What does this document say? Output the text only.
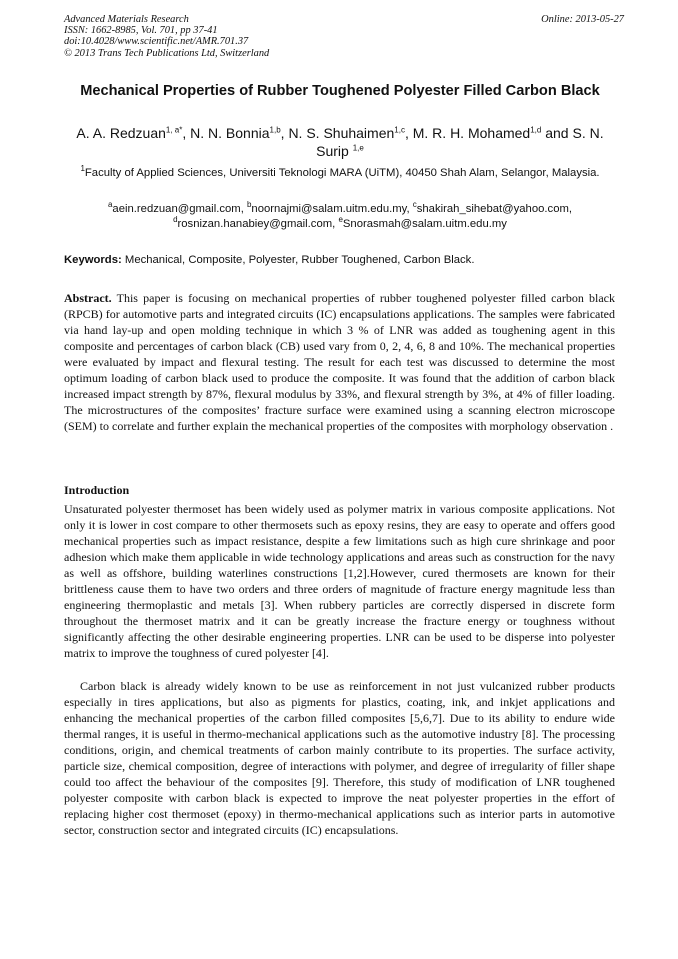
Advanced Materials Research
ISSN: 1662-8985, Vol. 701, pp 37-41
doi:10.4028/www.scientific.net/AMR.701.37
© 2013 Trans Tech Publications Ltd, Switzerland
Online: 2013-05-27
Mechanical Properties of Rubber Toughened Polyester Filled Carbon Black
A. A. Redzuan$^{1, a*}$, N. N. Bonnia$^{1,b}$, N. S. Shuhaimen$^{1,c}$, M. R. H. Mohamed$^{1,d}$ and S. N. Surip $^{1,e}$
$^1$Faculty of Applied Sciences, Universiti Teknologi MARA (UiTM), 40450 Shah Alam, Selangor, Malaysia.
$^a$aein.redzuan@gmail.com, $^b$noornajmi@salam.uitm.edu.my, $^c$shakirah_sihebat@yahoo.com, $^d$rosnizan.hanabiey@gmail.com, $^e$Snorasmah@salam.uitm.edu.my
Keywords: Mechanical, Composite, Polyester, Rubber Toughened, Carbon Black.
Abstract. This paper is focusing on mechanical properties of rubber toughened polyester filled carbon black (RPCB) for automotive parts and integrated circuits (IC) encapsulations applications. The samples were fabricated via hand lay-up and open molding technique in which 3 % of LNR was added as toughening agent in this composite and percentages of carbon black (CB) used vary from 0, 2, 4, 6, 8 and 10%. The mechanical properties were evaluated by impact and flexural testing. The result for each test was discussed to determine the most optimum loading of carbon black used to produce the composite. It was found that the addition of carbon black increased impact strength by 87%, flexural modulus by 33%, and flexural strength by 3%, at 4% of filler loading. The microstructures of the composites’ fracture surface were examined using a scanning electron microscope (SEM) to correlate and further explain the mechanical properties of the composites with morphology observation .
Introduction
Unsaturated polyester thermoset has been widely used as polymer matrix in various composite applications. Not only it is lower in cost compare to other thermosets such as epoxy resins, they are easy to operate and offers good mechanical properties such as impact resistance, despite a few limitations such as high cure shrinkage and poor adhesion which make them applicable in wide technology applications and areas such as construction for the navy as well as offshore, building waterlines constructions [1,2].However, cured thermosets are known for their brittleness cause them to have two orders and three orders of magnitude of fracture energy magnitude less than engineering thermoplastic and metals [3]. When rubbery particles are correctly dispersed in discrete form throughout the thermoset matrix and it can be greatly increase the fracture energy or toughness without significantly affecting the other desirable engineering properties. LNR can be used to be disperse into polyester matrix to improve the toughness of cured polyester [4].
Carbon black is already widely known to be use as reinforcement in not just vulcanized rubber products especially in tires applications, but also as pigments for plastics, coating, ink, and inkjet applications and enhancing the mechanical properties of the carbon filled composites [5,6,7]. Due to its ability to endure wide thermal ranges, it is useful in thermo-mechanical applications such as the automotive industry [8]. The processing conditions, origin, and chemical treatments of carbon mainly contribute to its properties. The surface activity, particle size, chemical composition, degree of interactions with polymer, and degree of irregularity of filler shape could too affect the behaviour of the composites [9]. Therefore, this study of modification of LNR toughened polyester composite with carbon black is expected to improve the neat polyester properties in the effort of replacing higher cost thermoset (epoxy) in thermo-mechanical applications such as interior parts in automotive sector, construction sector and integrated circuits (IC) encapsulations.
